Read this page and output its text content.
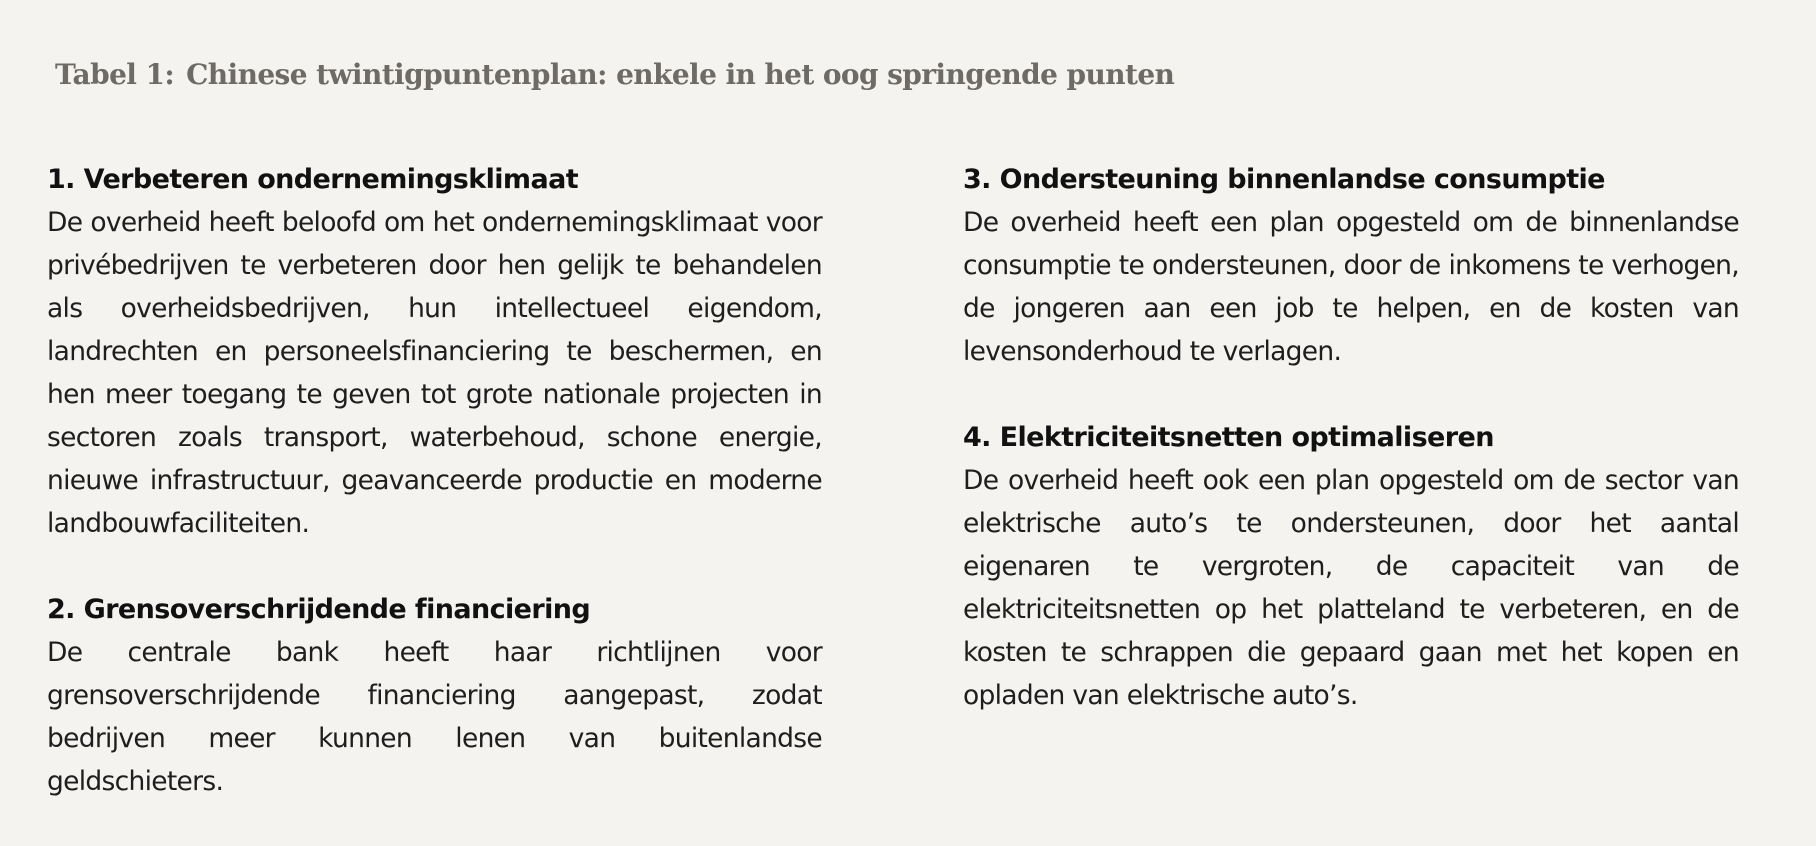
Tabel 1: Chinese twintigpuntenplan: enkele in het oog springende punten
1. Verbeteren ondernemingsklimaat

De overheid heeft beloofd om het ondernemingsklimaat voor privébedrijven te verbeteren door hen gelijk te behandelen als overheidsbedrijven, hun intellectueel eigendom, landrechten en personeelsfinanciering te beschermen, en hen meer toegang te geven tot grote nationale projecten in sectoren zoals transport, waterbehoud, schone energie, nieuwe infrastructuur, geavanceerde productie en moderne landbouwfaciliteiten.

2. Grensoverschrijdende financiering

De centrale bank heeft haar richtlijnen voor grensoverschrijdende financiering aangepast, zodat bedrijven meer kunnen lenen van buitenlandse geldschieters.

3. Ondersteuning binnenlandse consumptie

De overheid heeft een plan opgesteld om de binnenlandse consumptie te ondersteunen, door de inkomens te verhogen, de jongeren aan een job te helpen, en de kosten van levensonderhoud te verlagen.

4. Elektriciteitsnetten optimaliseren

De overheid heeft ook een plan opgesteld om de sector van elektrische auto’s te ondersteunen, door het aantal eigenaren te vergroten, de capaciteit van de elektriciteitsnetten op het platteland te verbeteren, en de kosten te schrappen die gepaard gaan met het kopen en opladen van elektrische auto’s.
